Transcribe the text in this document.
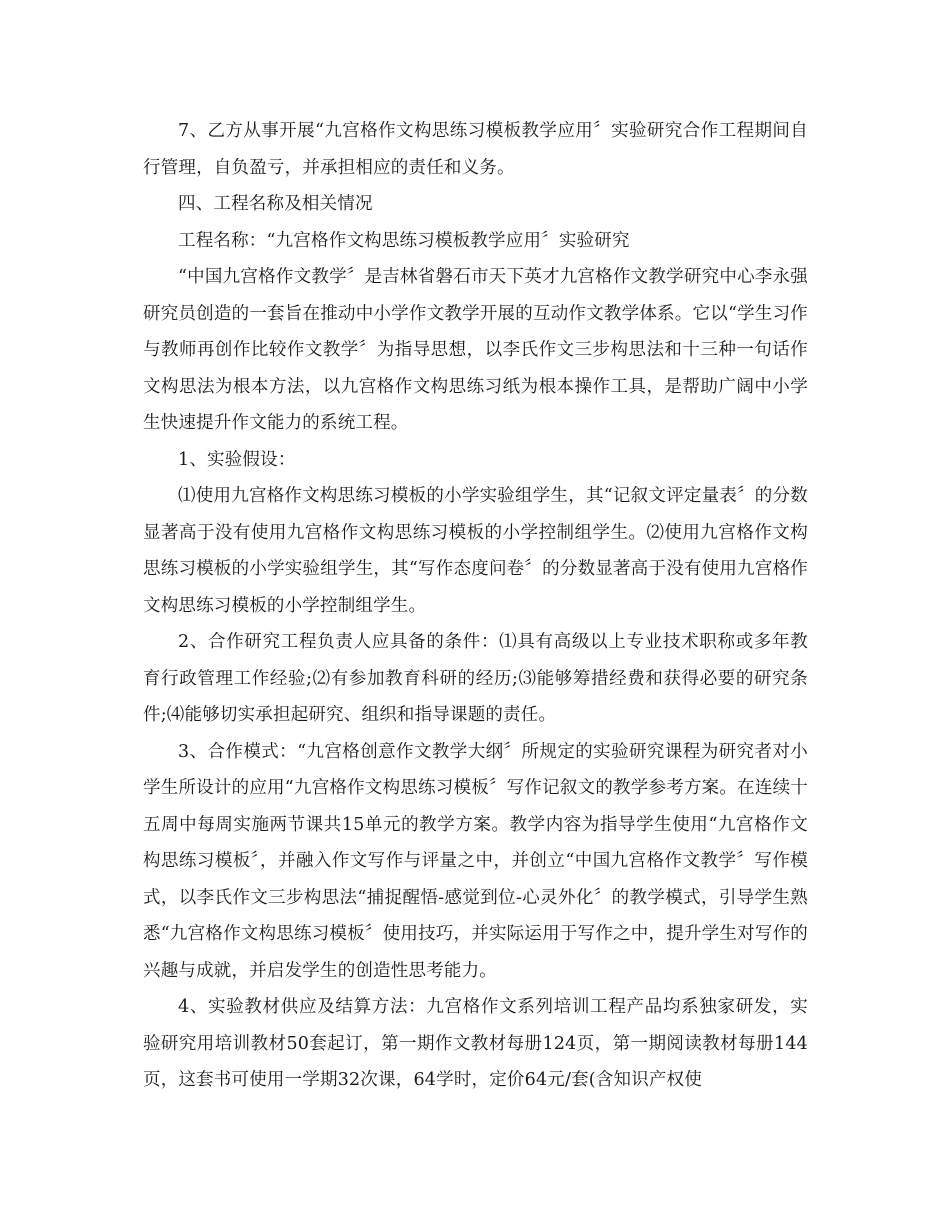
7、乙方从事开展“九宫格作文构思练习模板教学应用〞实验研究合作工程期间自行管理，自负盈亏，并承担相应的责任和义务。

四、工程名称及相关情况

工程名称：“九宫格作文构思练习模板教学应用〞实验研究

“中国九宫格作文教学〞是吉林省磐石市天下英才九宫格作文教学研究中心李永强研究员创造的一套旨在推动中小学作文教学开展的互动作文教学体系。它以“学生习作与教师再创作比较作文教学〞为指导思想，以李氏作文三步构思法和十三种一句话作文构思法为根本方法，以九宫格作文构思练习纸为根本操作工具，是帮助广阔中小学生快速提升作文能力的系统工程。

1、实验假设：

⑴使用九宫格作文构思练习模板的小学实验组学生，其“记叙文评定量表〞的分数显著高于没有使用九宫格作文构思练习模板的小学控制组学生。⑵使用九宫格作文构思练习模板的小学实验组学生，其“写作态度问卷〞的分数显著高于没有使用九宫格作文构思练习模板的小学控制组学生。

2、合作研究工程负责人应具备的条件：⑴具有高级以上专业技术职称或多年教育行政管理工作经验;⑵有参加教育科研的经历;⑶能够筹措经费和获得必要的研究条件;⑷能够切实承担起研究、组织和指导课题的责任。

3、合作模式：“九宫格创意作文教学大纲〞所规定的实验研究课程为研究者对小学生所设计的应用“九宫格作文构思练习模板〞写作记叙文的教学参考方案。在连续十五周中每周实施两节课共15单元的教学方案。教学内容为指导学生使用“九宫格作文构思练习模板〞，并融入作文写作与评量之中，并创立“中国九宫格作文教学〞写作模式，以李氏作文三步构思法“捕捉醒悟-感觉到位-心灵外化〞的教学模式，引导学生熟悉“九宫格作文构思练习模板〞使用技巧，并实际运用于写作之中，提升学生对写作的兴趣与成就，并启发学生的创造性思考能力。

4、实验教材供应及结算方法：九宫格作文系列培训工程产品均系独家研发，实验研究用培训教材50套起订，第一期作文教材每册124页，第一期阅读教材每册144页，这套书可使用一学期32次课，64学时，定价64元/套(含知识产权使
